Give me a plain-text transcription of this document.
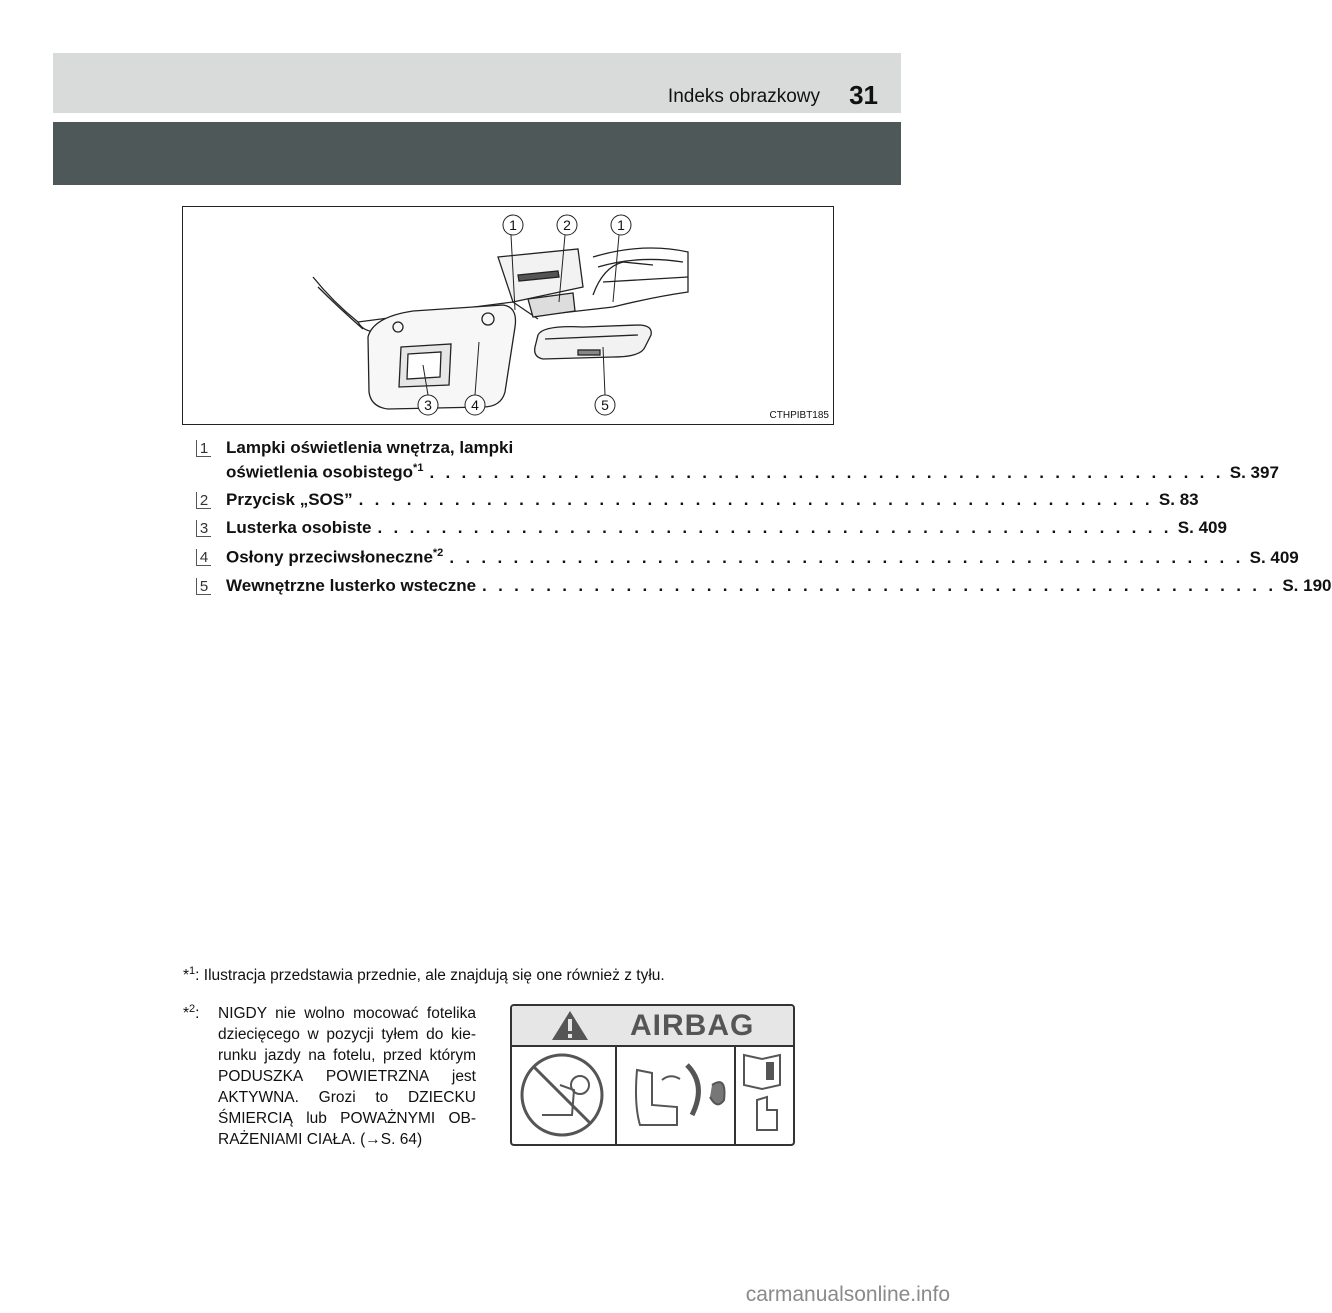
Indeks obrazkowy 31
1	2	1
3	4	5
CTHPIBT185
1 Lampki oświetlenia wnętrza, lampki
oświetlenia osobistego$^{*1}$ . . . . . . . . . . . . . . . . . . . . . . . . . . . . . . . . . . . . . . . . . . . . . . . . . . S. 397
2 Przycisk „SOS” . . . . . . . . . . . . . . . . . . . . . . . . . . . . . . . . . . . . . . . . . . . . . . . . . . S. 83
3 Lusterka osobiste . . . . . . . . . . . . . . . . . . . . . . . . . . . . . . . . . . . . . . . . . . . . . . . . . . S. 409
4 Osłony przeciwsłoneczne$^{*2}$ . . . . . . . . . . . . . . . . . . . . . . . . . . . . . . . . . . . . . . . . . . . . . . . . . . S. 409
5 Wewnętrzne lusterko wsteczne . . . . . . . . . . . . . . . . . . . . . . . . . . . . . . . . . . . . . . . . . . . . . . . . . . S. 190
*$^1$: Ilustracja przedstawia przednie, ale znajdują się one również z tyłu.
*$^2$: NIGDY nie wolno mocować fotelika dziecięcego w pozycji tyłem do kie-runku jazdy na fotelu, przed którym PODUSZKA POWIETRZNA jest AKTYWNA. Grozi to DZIECKU ŚMIERCIĄ lub POWAŻNYMI OB-RAŻENIAMI CIAŁA. (→S. 64)
AIRBAG
carmanualsonline.info
